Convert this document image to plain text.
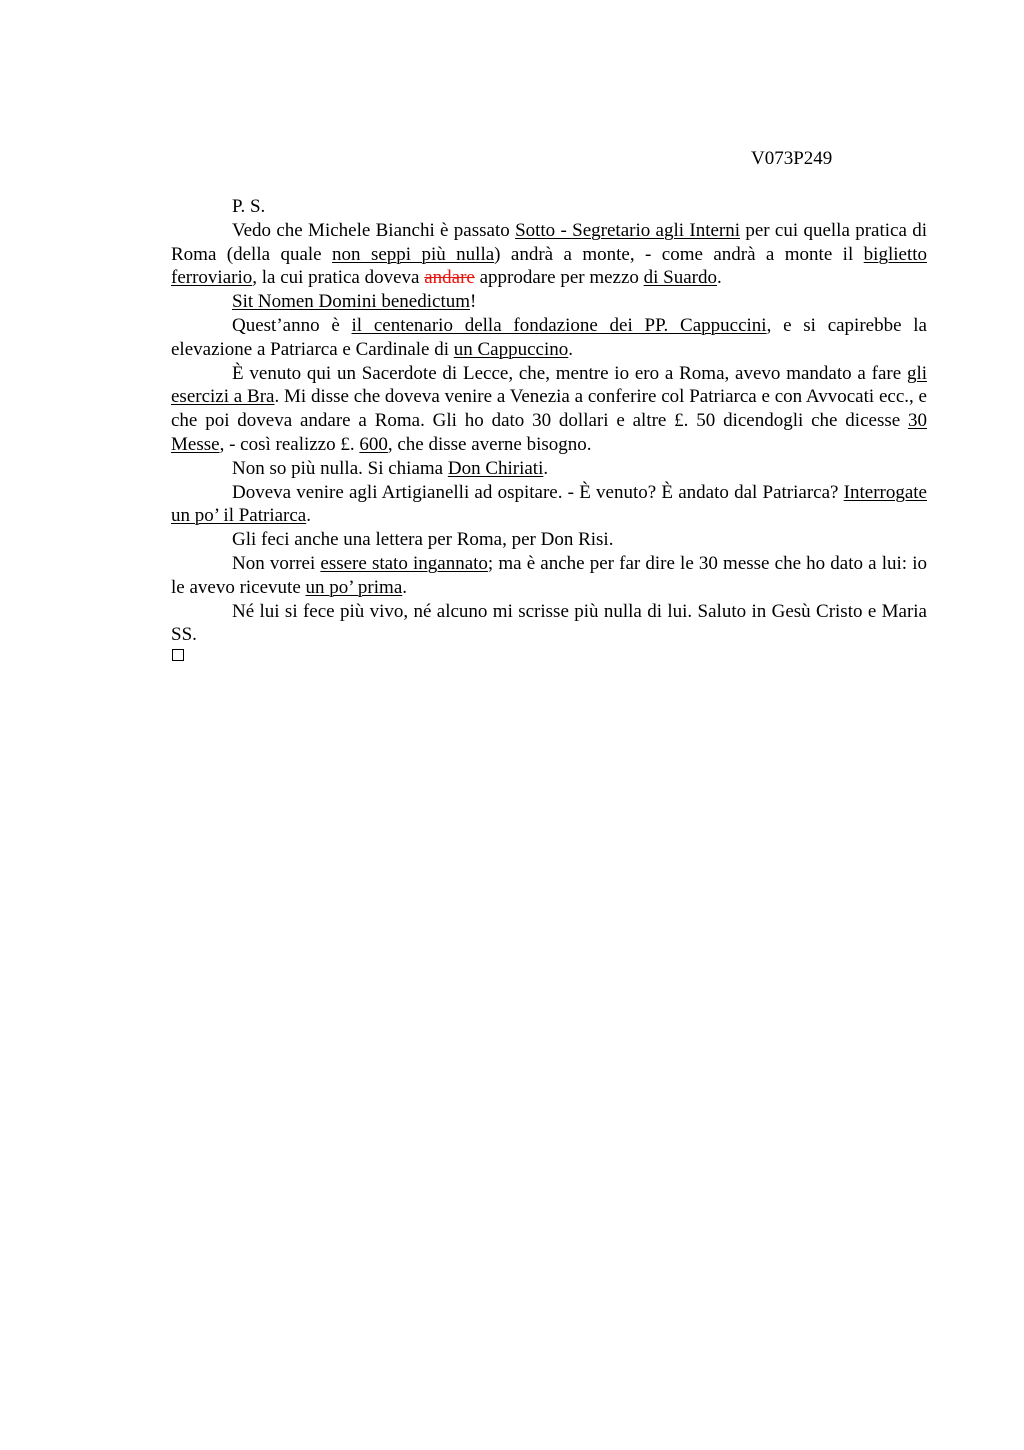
V073P249

P. S.

Vedo che Michele Bianchi è passato Sotto - Segretario agli Interni per cui quella pratica di Roma (della quale non seppi più nulla) andrà a monte, - come andrà a monte il biglietto ferroviario, la cui pratica doveva andare approdare per mezzo di Suardo.

Sit Nomen Domini benedictum!

Quest’anno è il centenario della fondazione dei PP. Cappuccini, e si capirebbe la elevazione a Patriarca e Cardinale di un Cappuccino.

È venuto qui un Sacerdote di Lecce, che, mentre io ero a Roma, avevo mandato a fare gli esercizi a Bra. Mi disse che doveva venire a Venezia a conferire col Patriarca e con Avvocati ecc., e che poi doveva andare a Roma. Gli ho dato 30 dollari e altre £. 50 dicendogli che dicesse 30 Messe, - così realizzo £. 600, che disse averne bisogno.

Non so più nulla. Si chiama Don Chiriati.

Doveva venire agli Artigianelli ad ospitare. - È venuto? È andato dal Patriarca? Interrogate un po’ il Patriarca.

Gli feci anche una lettera per Roma, per Don Risi.

Non vorrei essere stato ingannato; ma è anche per far dire le 30 messe che ho dato a lui: io le avevo ricevute un po’ prima.

Né lui si fece più vivo, né alcuno mi scrisse più nulla di lui. Saluto in Gesù Cristo e Maria SS.
